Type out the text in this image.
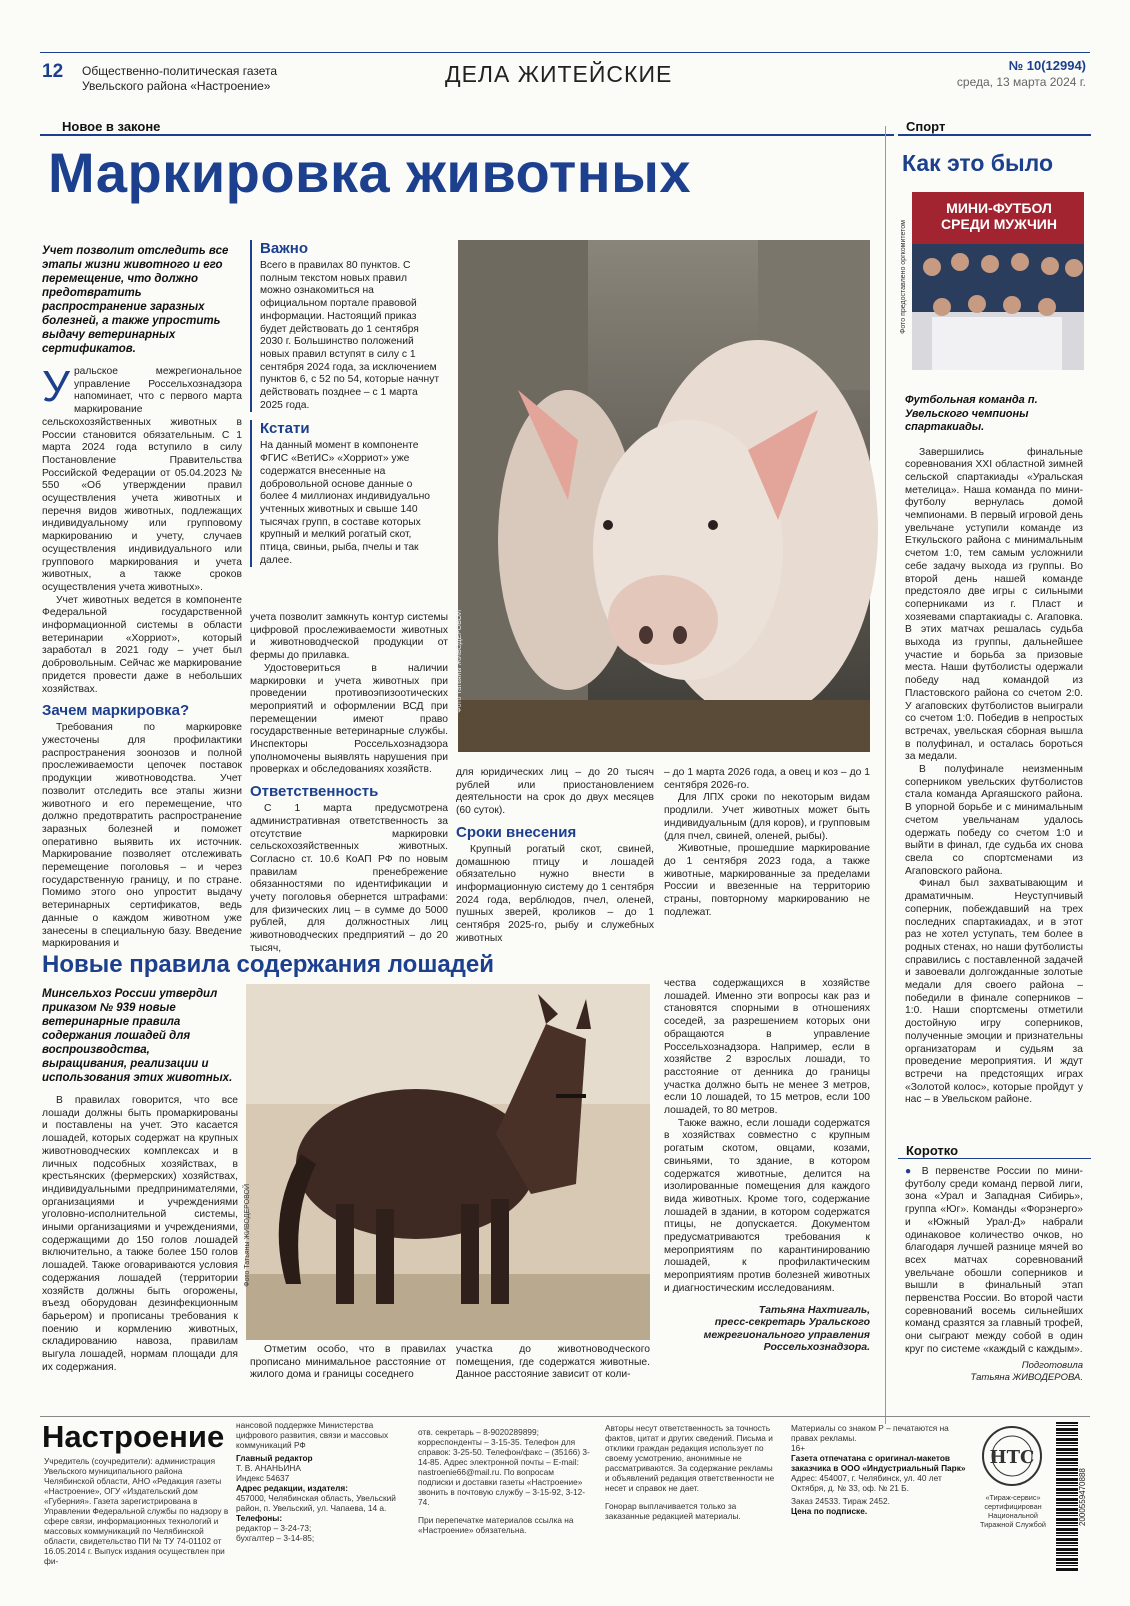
12 Общественно-политическая газета
Увельского района «Настроение»	ДЕЛА ЖИТЕЙСКИЕ	№ 10(12994)
среда, 13 марта 2024 г.
Новое в законе	Спорт
Маркировка животных
Учет позволит отследить все этапы жизни животного и его перемещение, что должно предотвратить распространение заразных болезней, а также упростить выдачу ветеринарных сертификатов.
У ральское межрегиональное управление Россельхознадзора напоминает, что с первого марта маркирование сельскохозяйственных животных в России становится обязательным. С 1 марта 2024 года вступило в силу Постановление Правительства Российской Федерации от 05.04.2023 № 550 «Об утверждении правил осуществления учета животных и перечня видов животных, подлежащих индивидуальному или групповому маркированию и учету, случаев осуществления индивидуального или группового маркирования и учета животных, а также сроков осуществления учета животных».

Учет животных ведется в компоненте Федеральной государственной информационной системы в области ветеринарии «Хорриот», который заработал в 2021 году – учет был добровольным. Сейчас же маркирование придется провести даже в небольших хозяйствах.

Зачем маркировка?

Требования по маркировке ужесточены для профилактики распространения зоонозов и полной прослеживаемости цепочек поставок продукции животноводства. Учет позволит отследить все этапы жизни животного и его перемещение, что должно предотвратить распространение заразных болезней и поможет оперативно выявить их источник. Маркирование позволяет отслеживать перемещение поголовья – и через государственную границу, и по стране. Помимо этого оно упростит выдачу ветеринарных сертификатов, ведь данные о каждом животном уже занесены в специальную базу. Введение маркирования и

Важно
Всего в правилах 80 пунктов. С полным текстом новых правил можно ознакомиться на официальном портале правовой информации. Настоящий приказ будет действовать до 1 сентября 2030 г. Большинство положений новых правил вступят в силу с 1 сентября 2024 года, за исключением пунктов 6, с 52 по 54, которые начнут действовать позднее – с 1 марта 2025 года.
Кстати
На данный момент в компоненте ФГИС «ВетИС» «Хорриот» уже содержатся внесенные на добровольной основе данные о более 4 миллионах индивидуально учтенных животных и свыше 140 тысячах групп, в составе которых крупный и мелкий рогатый скот, птица, свиньи, рыба, пчелы и так далее.
учета позволит замкнуть контур системы цифровой прослеживаемости животных и животноводческой продукции от фермы до прилавка.

Удостовериться в наличии маркировки и учета животных при проведении противоэпизоотических мероприятий и оформлении ВСД при перемещении имеют право государственные ветеринарные службы. Инспекторы Россельхознадзора уполномочены выявлять нарушения при проверках и обследованиях хозяйств.

Ответственность

С 1 марта предусмотрена административная ответственность за отсутствие маркировки сельскохозяйственных животных. Согласно ст. 10.6 КоАП РФ по новым правилам пренебрежение обязанностями по идентификации и учету поголовья обернется штрафами: для физических лиц – в сумме до 5000 рублей, для должностных лиц животноводческих предприятий – до 20 тысяч,

Фото Татьяны ЖИВОДЕРОВОЙ
для юридических лиц – до 20 тысяч рублей или приостановлением деятельности на срок до двух месяцев (60 суток).
Сроки внесения

Крупный рогатый скот, свиней, домашнюю птицу и лошадей обязательно нужно внести в информационную систему до 1 сентября 2024 года, верблюдов, пчел, оленей, пушных зверей, кроликов – до 1 сентября 2025-го, рыбу и служебных животных

– до 1 марта 2026 года, а овец и коз – до 1 сентября 2026-го.

Для ЛПХ сроки по некоторым видам продлили. Учет животных может быть индивидуальным (для коров), и групповым (для пчел, свиней, оленей, рыбы).

Животные, прошедшие маркирование до 1 сентября 2023 года, а также животные, маркированные за пределами России и ввезенные на территорию страны, повторному маркированию не подлежат.

Новые правила содержания лошадей
Минсельхоз России утвердил приказом № 939 новые ветеринарные правила содержания лошадей для воспроизводства, выращивания, реализации и использования этих животных.

В правилах говорится, что все лошади должны быть промаркированы и поставлены на учет. Это касается лошадей, которых содержат на крупных животноводческих комплексах и в личных подсобных хозяйствах, в крестьянских (фермерских) хозяйствах, индивидуальными предпринимателями, организациями и учреждениями уголовно-исполнительной системы, иными организациями и учреждениями, содержащими до 150 голов лошадей включительно, а также более 150 голов лошадей. Также оговариваются условия содержания лошадей (территории хозяйств должны быть огорожены, въезд оборудован дезинфекционным барьером) и прописаны требования к поению и кормлению животных, складированию навоза, правилам выгула лошадей, нормам площади для их содержания.

Фото Татьяны ЖИВОДЕРОВОЙ

Отметим особо, что в правилах прописано минимальное расстояние от жилого дома и границы соседнего

участка до животноводческого помещения, где содержатся животные. Данное расстояние зависит от коли-
чества содержащихся в хозяйстве лошадей. Именно эти вопросы как раз и становятся спорными в отношениях соседей, за разрешением которых они обращаются в управление Россельхознадзора. Например, если в хозяйстве 2 взрослых лошади, то расстояние от денника до границы участка должно быть не менее 3 метров, если 10 лошадей, то 15 метров, если 100 лошадей, то 80 метров.

Также важно, если лошади содержатся в хозяйствах совместно с крупным рогатым скотом, овцами, козами, свиньями, то здание, в котором содержатся животные, делится на изолированные помещения для каждого вида животных. Кроме того, содержание лошадей в здании, в котором содержатся птицы, не допускается. Документом предусматриваются требования к мероприятиям по карантинированию лошадей, к профилактическим мероприятиям против болезней животных и диагностическим исследованиям.

Татьяна Нахтигаль,
пресс-секретарь Уральского межрегионального управления Россельхознадзора.
Как это было
МИНИ-ФУТБОЛ СРЕДИ МУЖЧИН
Фото предоставлено оргкомитетом
Футбольная команда п. Увельского чемпионы спартакиады.

Завершились финальные соревнования XXI областной зимней сельской спартакиады «Уральская метелица». Наша команда по мини-футболу вернулась домой чемпионами. В первый игровой день увельчане уступили команде из Еткульского района с минимальным счетом 1:0, тем самым усложнили себе задачу выхода из группы. Во второй день нашей команде предстояло две игры с сильными соперниками из г. Пласт и хозяевами спартакиады с. Агаповка. В этих матчах решалась судьба выхода из группы, дальнейшее участие и борьба за призовые места. Наши футболисты одержали победу над командой из Пластовского района со счетом 2:0. У агаповских футболистов выиграли со счетом 1:0. Победив в непростых встречах, увельская сборная вышла в полуфинал, и осталась бороться за медали.

В полуфинале неизменным соперником увельских футболистов стала команда Аргаяшского района. В упорной борьбе и с минимальным счетом увельчанам удалось одержать победу со счетом 1:0 и выйти в финал, где судьба их снова свела со спортсменами из Агаповского района.

Финал был захватывающим и драматичным. Неуступчивый соперник, побеждавший на трех последних спартакиадах, и в этот раз не хотел уступать, тем более в родных стенах, но наши футболисты справились с поставленной задачей и завоевали долгожданные золотые медали для своего района – победили в финале соперников – 1:0. Наши спортсмены отметили достойную игру соперников, полученные эмоции и признательны организаторам и судьям за проведение мероприятия. И ждут встречи на предстоящих играх «Золотой колос», которые пройдут у нас – в Увельском районе.

Коротко
● В первенстве России по мини-футболу среди команд первой лиги, зона «Урал и Западная Сибирь», группа «Юг». Команды «Форэнерго» и «Южный Урал-Д» набрали одинаковое количество очков, но благодаря лучшей разнице мячей во всех матчах соревнований увельчане обошли соперников и вышли в финальный этап первенства России. Во второй части соревнований восемь сильнейших команд сразятся за главный трофей, они сыграют между собой в один круг по системе «каждый с каждым».
Подготовила
Татьяна ЖИВОДЕРОВА.
Настроение
Учредитель (соучредители): администрация Увельского муниципального района Челябинской области, АНО «Редакция газеты «Настроение», ОГУ «Издательский дом «Губерния». Газета зарегистрирована в Управлении Федеральной службы по надзору в сфере связи, информационных технологий и массовых коммуникаций по Челябинской области, свидетельство ПИ № ТУ 74-01102 от 16.05.2014 г. Выпуск издания осуществлен при фи-
нансовой поддержке Министерства цифрового развития, связи и массовых коммуникаций РФ
Главный редактор
Т. В. АНАНЬИНА
Индекс 54637
Адрес редакции, издателя:
457000, Челябинская область, Увельский район, п. Увельский, ул. Чапаева, 14 а.
Телефоны:
редактор – 3-24-73;
бухгалтер – 3-14-85;
отв. секретарь – 8-9020289899; корреспонденты – 3-15-35. Телефон для справок: 3-25-50. Телефон/факс – (35166) 3-14-85. Адрес электронной почты – E-mail: nastroenie66@mail.ru. По вопросам подписки и доставки газеты «Настроение» звонить в почтовую службу – 3-15-92, 3-12-74.
При перепечатке материалов ссылка на «Настроение» обязательна.
Авторы несут ответственность за точность фактов, цитат и других сведений. Письма и отклики граждан редакция использует по своему усмотрению, анонимные не рассматриваются. За содержание рекламы и объявлений редакция ответственности не несет и справок не дает.
Гонорар выплачивается только за заказанные редакцией материалы.
Материалы со знаком Р – печатаются на правах рекламы.
16+
Газета отпечатана с оригинал-макетов заказчика в ООО «Индустриальный Парк»
Адрес: 454007, г. Челябинск, ул. 40 лет Октября, д. № 33, оф. № 21 Б.
Заказ 24533. Тираж 2452.
Цена по подписке.
НТС
«Тираж-сервис» сертифицирован Национальной Тиражной Службой	2000559470888
